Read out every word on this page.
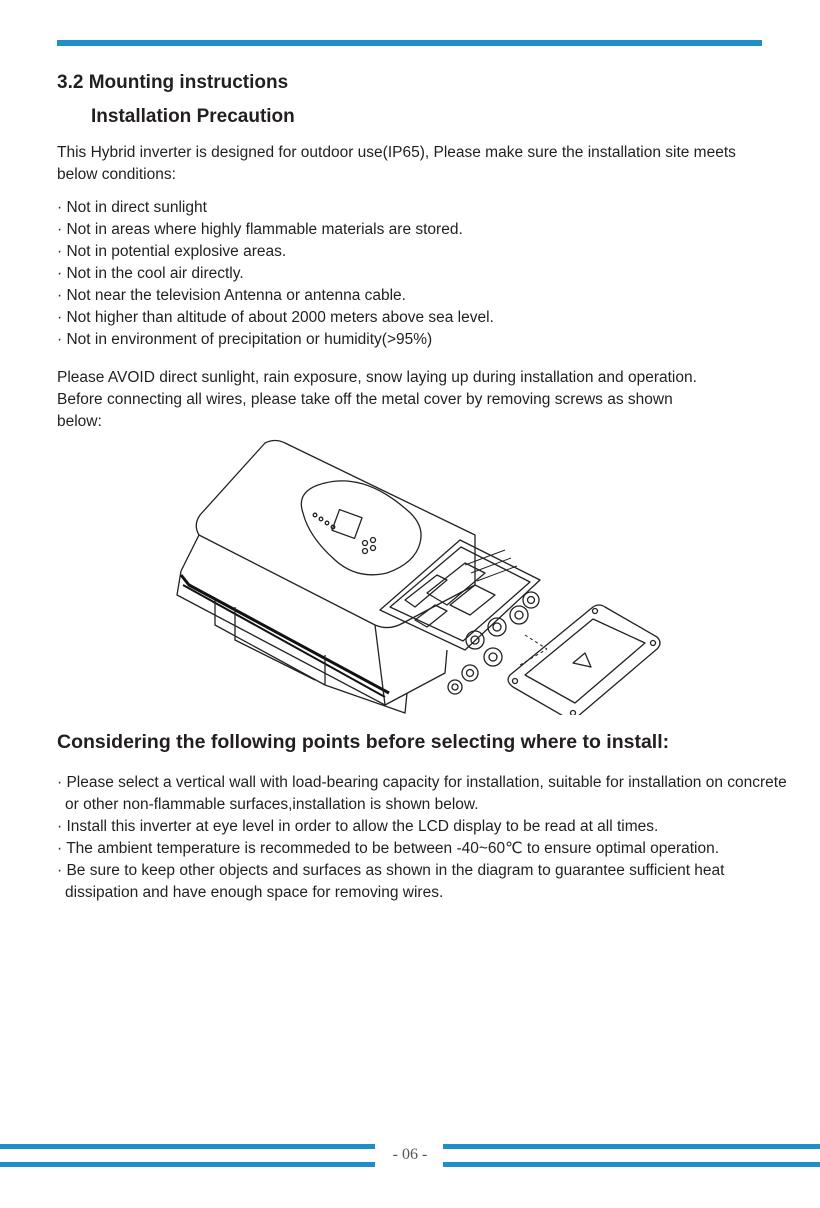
3.2 Mounting instructions
Installation Precaution

This Hybrid inverter is designed for outdoor use(IP65), Please make sure the installation site meets below conditions:

· Not in direct sunlight
· Not in areas where highly flammable materials are stored.
· Not in potential explosive areas.
· Not in the cool air directly.
· Not near the television Antenna or antenna cable.
· Not higher than altitude of about 2000 meters above sea level.
· Not in environment of precipitation or humidity(>95%)

Please AVOID direct sunlight, rain exposure, snow laying up during installation and operation. Before connecting all wires, please take off the metal cover by removing screws as shown below:

Considering the following points before selecting where to install:
· Please select a vertical wall with load-bearing capacity for installation, suitable for installation on concrete or other non-flammable surfaces,installation is shown below.
· Install this inverter at eye level in order to allow the LCD display to be read at all times.
· The ambient temperature is recommeded to be between -40~60℃ to ensure optimal operation.
· Be sure to keep other objects and surfaces as shown in the diagram to guarantee sufficient heat dissipation and have enough space for removing wires.
- 06 -
